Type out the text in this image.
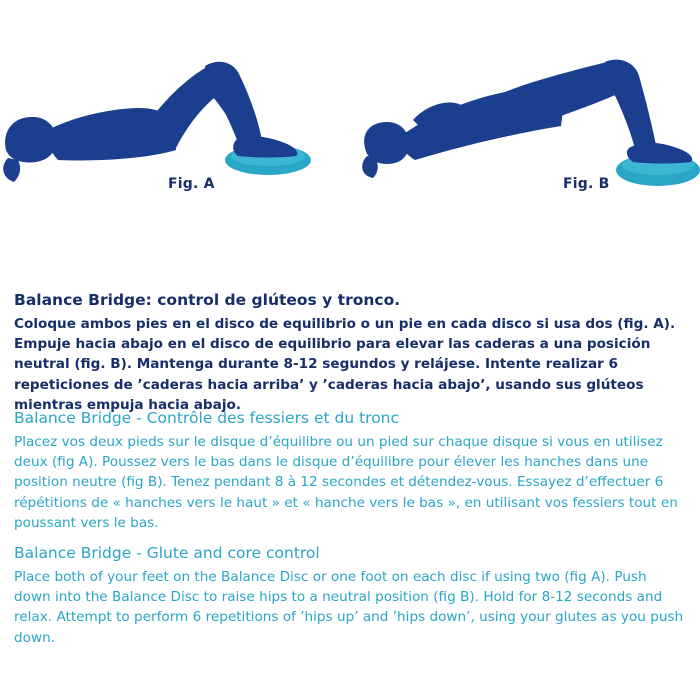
Fig. A	Fig. B

Balance Bridge: control de glúteos y tronco.

Coloque ambos pies en el disco de equilibrio o un pie en cada disco si usa dos (fig. A). Empuje hacia abajo en el disco de equilibrio para elevar las caderas a una posición neutral (fig. B). Mantenga durante 8-12 segundos y relájese. Intente realizar 6 repeticiones de ’caderas hacia arriba’ y ’caderas hacia abajo’, usando sus glúteos mientras empuja hacia abajo.

Balance Bridge - Contrôle des fessiers et du tronc

Placez vos deux pieds sur le disque d’équilibre ou un pied sur chaque disque si vous en utilisez deux (fig A). Poussez vers le bas dans le disque d’équilibre pour élever les hanches dans une position neutre (fig B). Tenez pendant 8 à 12 secondes et détendez-vous. Essayez d’effectuer 6 répétitions de « hanches vers le haut » et « hanche vers le bas », en utilisant vos fessiers tout en poussant vers le bas.

Balance Bridge - Glute and core control

Place both of your feet on the Balance Disc or one foot on each disc if using two (fig A). Push down into the Balance Disc to raise hips to a neutral position (fig B). Hold for 8-12 seconds and relax. Attempt to perform 6 repetitions of ’hips up’ and ’hips down’, using your glutes as you push down.
